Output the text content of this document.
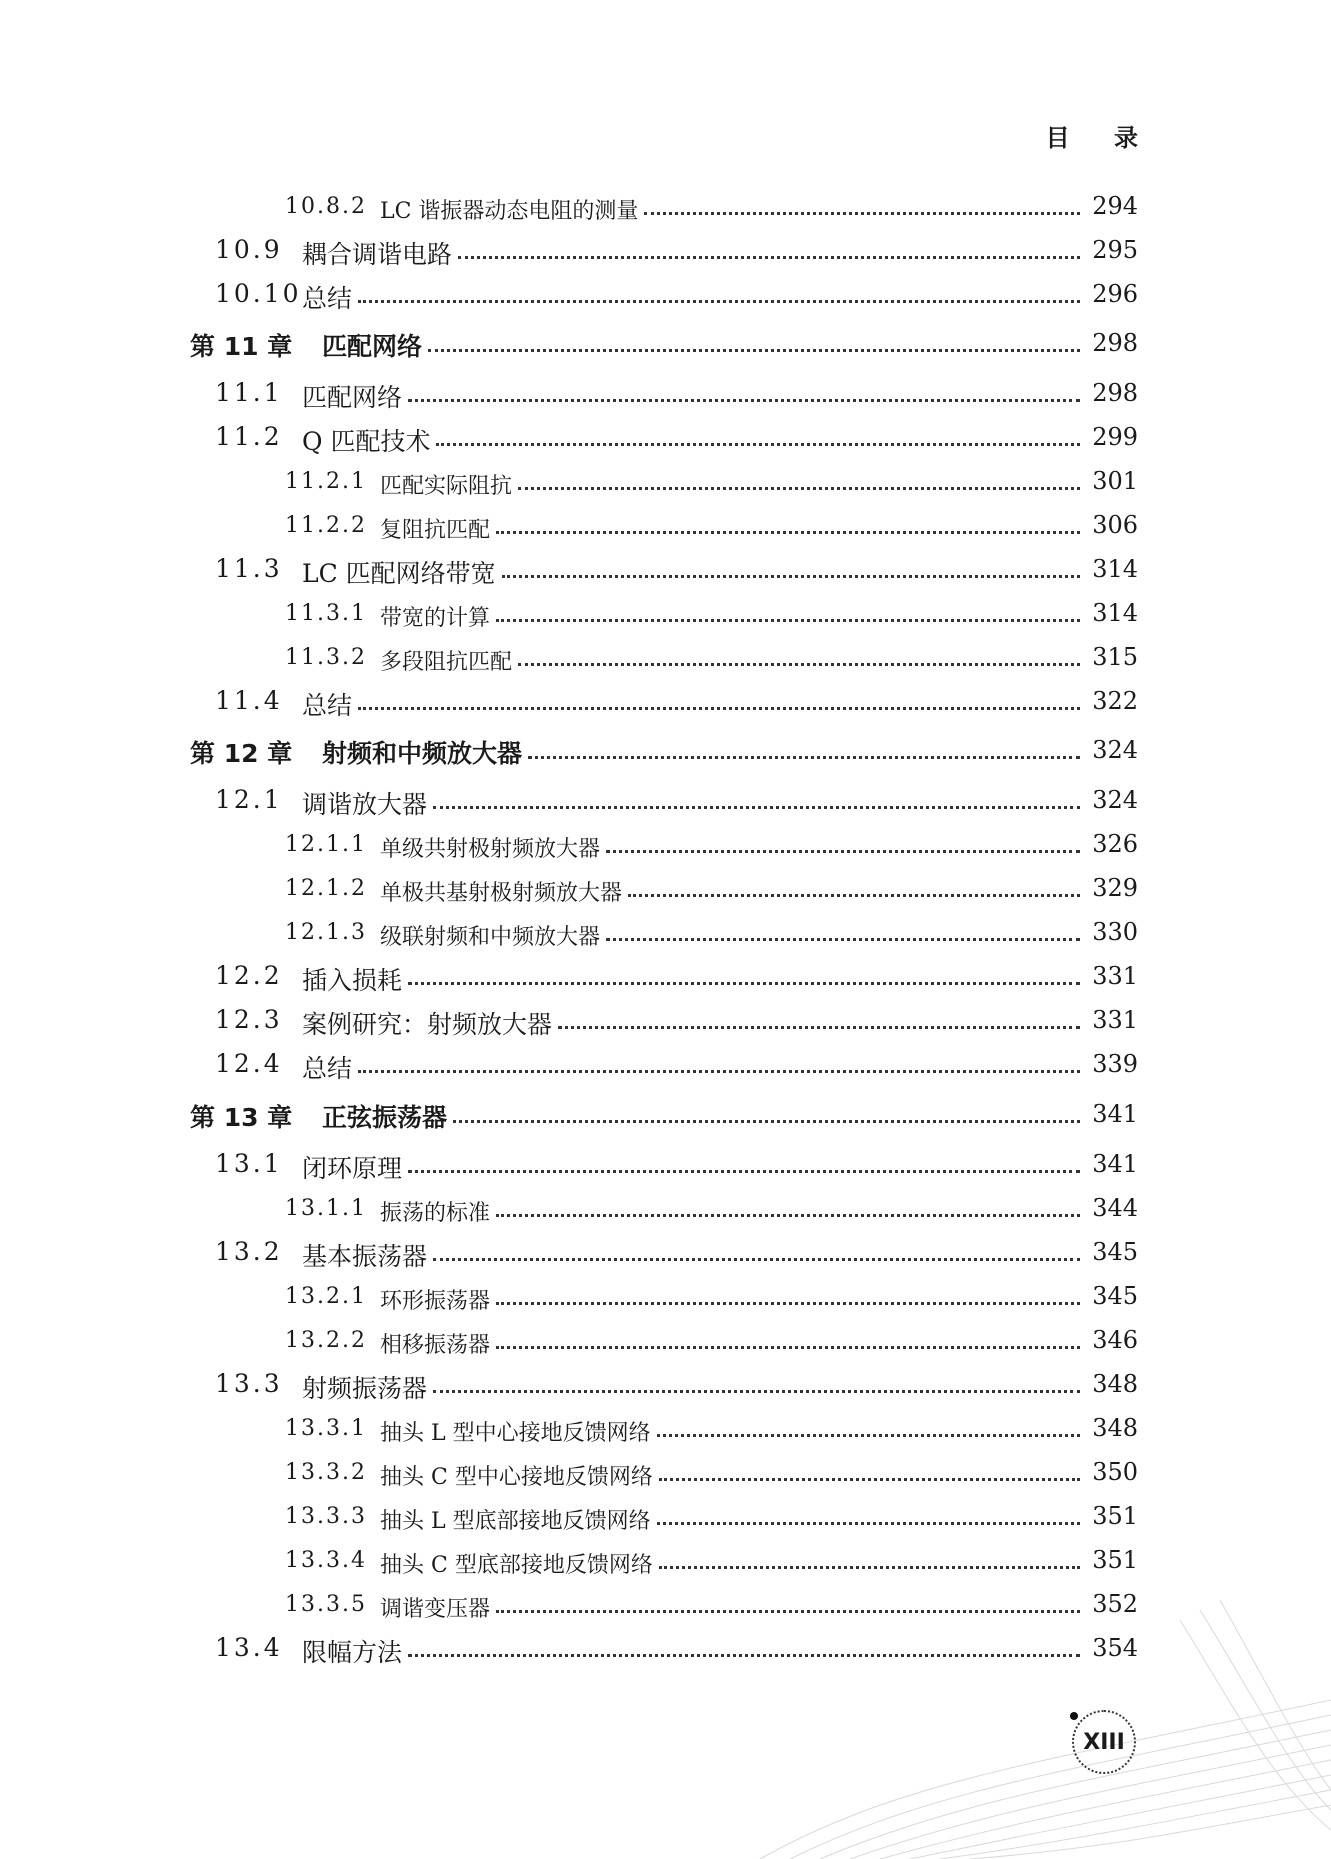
目 录
10.8.2 LC 谐振器动态电阻的测量	294
10.9 耦合调谐电路	295
10.10 总结	296
第 11 章 匹配网络	298
11.1 匹配网络	298
11.2 Q 匹配技术	299
11.2.1 匹配实际阻抗	301
11.2.2 复阻抗匹配	306
11.3 LC 匹配网络带宽	314
11.3.1 带宽的计算	314
11.3.2 多段阻抗匹配	315
11.4 总结	322
第 12 章 射频和中频放大器	324
12.1 调谐放大器	324
12.1.1 单级共射极射频放大器	326
12.1.2 单极共基射极射频放大器	329
12.1.3 级联射频和中频放大器	330
12.2 插入损耗	331
12.3 案例研究：射频放大器	331
12.4 总结	339
第 13 章 正弦振荡器	341
13.1 闭环原理	341
13.1.1 振荡的标准	344
13.2 基本振荡器	345
13.2.1 环形振荡器	345
13.2.2 相移振荡器	346
13.3 射频振荡器	348
13.3.1 抽头 L 型中心接地反馈网络	348
13.3.2 抽头 C 型中心接地反馈网络	350
13.3.3 抽头 L 型底部接地反馈网络	351
13.3.4 抽头 C 型底部接地反馈网络	351
13.3.5 调谐变压器	352
13.4 限幅方法	354
XIII
